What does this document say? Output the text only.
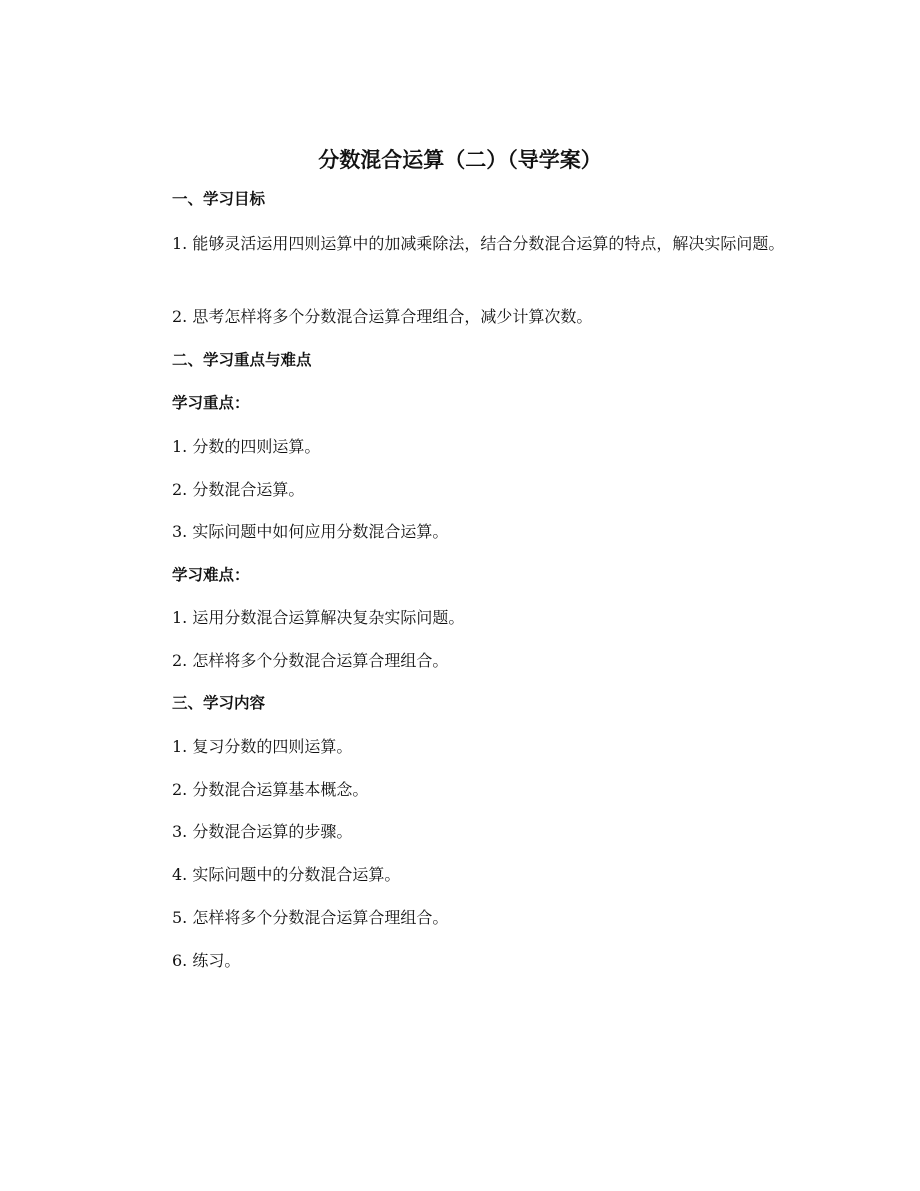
分数混合运算（二）（导学案）
一、学习目标
1. 能够灵活运用四则运算中的加减乘除法，结合分数混合运算的特点，解决实际问题。
2. 思考怎样将多个分数混合运算合理组合，减少计算次数。
二、学习重点与难点
学习重点：
1. 分数的四则运算。
2. 分数混合运算。
3. 实际问题中如何应用分数混合运算。
学习难点：
1. 运用分数混合运算解决复杂实际问题。
2. 怎样将多个分数混合运算合理组合。
三、学习内容
1. 复习分数的四则运算。
2. 分数混合运算基本概念。
3. 分数混合运算的步骤。
4. 实际问题中的分数混合运算。
5. 怎样将多个分数混合运算合理组合。
6. 练习。
